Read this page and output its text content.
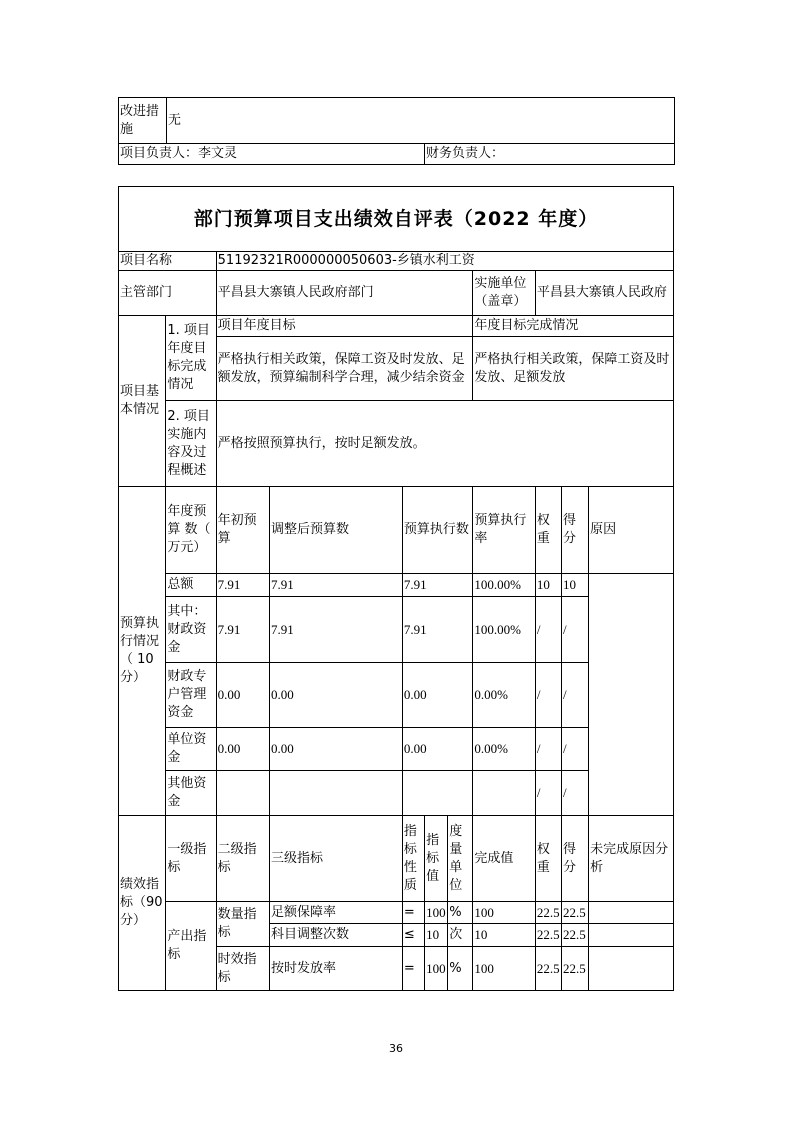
改进措施	无	
项目负责人：李文灵		财务负责人：
部门预算项目支出绩效自评表（2022 年度）										
项目名称		51192321R000000050603-乡镇水利工资								
主管部门		平昌县大寨镇人民政府部门					实施单位（盖章）	平昌县大寨镇人民政府		
项目基本情况	1. 项目年度目标完成情况	项目年度目标					年度目标完成情况			
		严格执行相关政策，保障工资及时发放、足额发放，预算编制科学合理，减少结余资金					严格执行相关政策，保障工资及时发放、足额发放			
	2. 项目实施内容及过程概述	严格按照预算执行，按时足额发放。								
预算执行情况（ 10分）	年度预算 数（ 万元）	年初预算	调整后预算数	预算执行数			预算执行率	权重	得分	原因
	总额	7.91	7.91	7.91			100.00%	10	10	
	其中：财政资金	7.91	7.91	7.91			100.00%	/	/	
	财政专户管理资金	0.00	0.00	0.00			0.00%	/	/	
	单位资金	0.00	0.00	0.00			0.00%	/	/	
	其他资金							/	/	
绩效指标（90分）	一级指标	二级指标	三级指标	指标性质	指标值	度量单位	完成值	权重	得分	未完成原因分析
	产出指标	数量指标	足额保障率	=	100	%	100	22.5	22.5	
			科目调整次数	≤	10	次	10	22.5	22.5	
		时效指标	按时发放率	=	100	%	100	22.5	22.5	
36
